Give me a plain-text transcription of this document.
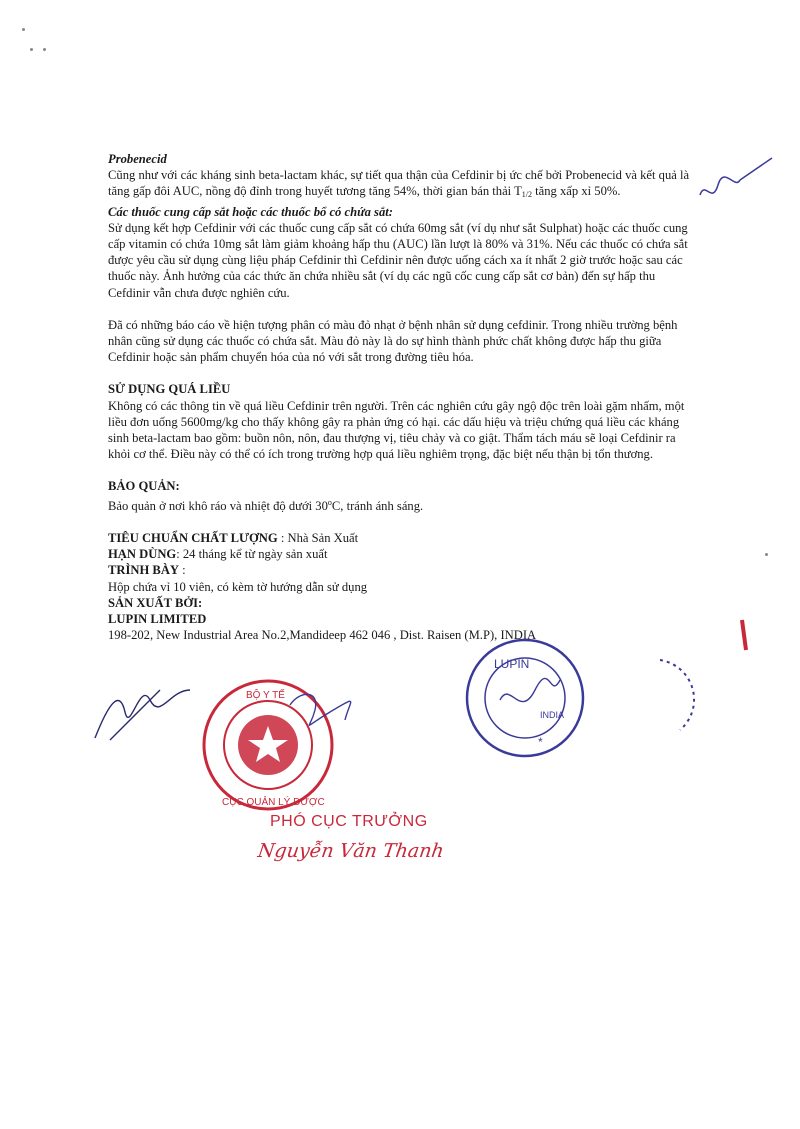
Probenecid

Cũng như với các kháng sinh beta-lactam khác, sự tiết qua thận của Cefdinir bị ức chế bởi Probenecid và kết quả là

tăng gấp đôi AUC, nồng độ đỉnh trong huyết tương tăng 54%, thời gian bán thải $T_{1/2}$ tăng xấp xỉ 50%.

Các thuốc cung cấp sắt hoặc các thuốc bổ có chứa sắt:

Sử dụng kết hợp Cefdinir với các thuốc cung cấp sắt có chứa 60mg sắt (ví dụ như sắt Sulphat) hoặc các thuốc cung

cấp vitamin có chứa 10mg sắt làm giảm khoảng hấp thu (AUC) lần lượt là 80% và 31%. Nếu các thuốc có chứa sắt

được yêu cầu sử dụng cùng liệu pháp Cefdinir thì Cefdinir nên được uống cách xa ít nhất 2 giờ trước hoặc sau các

thuốc này. Ảnh hưởng của các thức ăn chứa nhiều sắt (ví dụ các ngũ cốc cung cấp sắt cơ bản) đến sự hấp thu

Cefdinir vẫn chưa được nghiên cứu.

Đã có những báo cáo về hiện tượng phân có màu đỏ nhạt ở bệnh nhân sử dụng cefdinir. Trong nhiều trường bệnh

nhân cũng sử dụng các thuốc có chứa sắt. Màu đỏ này là do sự hình thành phức chất không được hấp thu giữa

Cefdinir hoặc sản phẩm chuyển hóa của nó với sắt trong đường tiêu hóa.

SỬ DỤNG QUÁ LIỀU

Không có các thông tin về quá liều Cefdinir trên người. Trên các nghiên cứu gây ngộ độc trên loài gặm nhấm, một

liều đơn uống 5600mg/kg cho thấy không gây ra phản ứng có hại. các dấu hiệu và triệu chứng quá liều các kháng

sinh beta-lactam bao gồm: buồn nôn, nôn, đau thượng vị, tiêu chảy và co giật. Thẩm tách máu sẽ loại Cefdinir ra

khỏi cơ thể. Điều này có thể có ích trong trường hợp quá liều nghiêm trọng, đặc biệt nếu thận bị tổn thương.

BẢO QUẢN:

Bảo quản ở nơi khô ráo và nhiệt độ dưới 30$^o$C, tránh ánh sáng.

TIÊU CHUẨN CHẤT LƯỢNG : Nhà Sản Xuất

HẠN DÙNG: 24 tháng kể từ ngày sản xuất

TRÌNH BÀY :

Hộp chứa vỉ 10 viên, có kèm tờ hướng dẫn sử dụng

SẢN XUẤT BỞI:

LUPIN LIMITED

198-202, New Industrial Area No.2,Mandideep 462 046 , Dist. Raisen (M.P), INDIA

BỘ Y TẾ
CỤC QUẢN LÝ DƯỢC
LUPIN
INDIA
*
PHÓ CỤC TRƯỞNG
Nguyễn Văn Thanh
